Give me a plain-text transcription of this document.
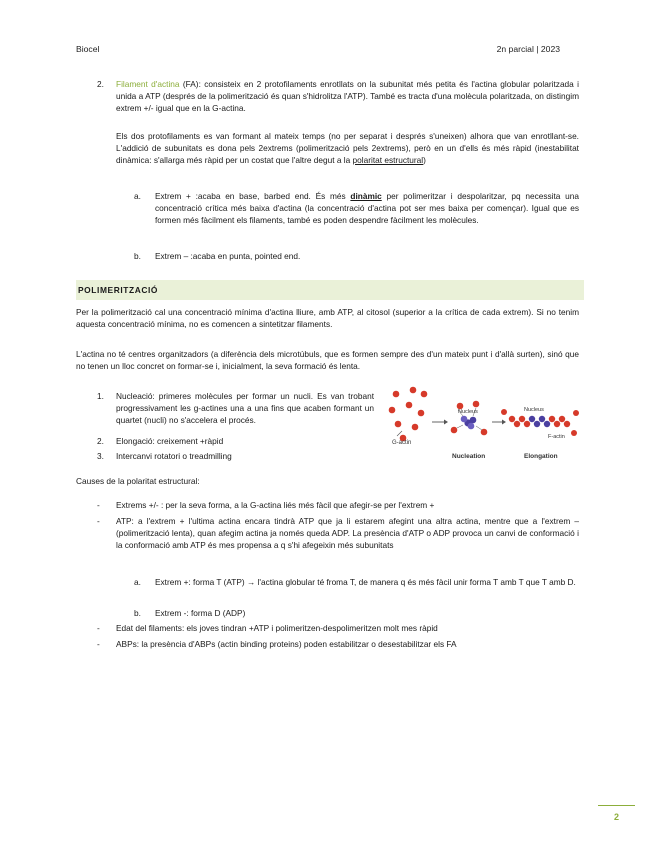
Biocel	2n parcial | 2023
2. Filament d'actina (FA): consisteix en 2 protofilaments enrotllats on la subunitat més petita és l'actina globular polaritzada i unida a ATP (després de la polimerització és quan s'hidrolitza l'ATP). També es tracta d'una molècula polaritzada, on distingim extrem +/- igual que en la G-actina.

Els dos protofilaments es van formant al mateix temps (no per separat i després s'uneixen) alhora que van enrotllant-se. L'addició de subunitats es dona pels 2extrems (polimerització pels 2extrems), però en un d'ells és més ràpid (inestabilitat dinàmica: s'allarga més ràpid per un costat que l'altre degut a la polaritat estructural)

a. Extrem + :acaba en base, barbed end. És més dinàmic per polimeritzar i despolaritzar, pq necessita una concentració crítica més baixa d'actina (la concentració d'actina pot ser mes baixa per començar). Igual que es formen més fàcilment els filaments, també es poden despendre fàcilment les molècules.

b. Extrem – :acaba en punta, pointed end.

POLIMERITZACIÓ

Per la polimerització cal una concentració mínima d'actina lliure, amb ATP, al citosol (superior a la crítica de cada extrem). Si no tenim aquesta concentració mínima, no es comencen a sintetitzar filaments.

L'actina no té centres organitzadors (a diferència dels microtúbuls, que es formen sempre des d'un mateix punt i d'allà surten), sinó que no tenen un lloc concret on formar-se i, inicialment, la seva formació és lenta.

1. Nucleació: primeres molècules per formar un nucli. Es van trobant progressivament les g-actines una a una fins que acaben formant un quartet (nucli) no s'accelera el procés.

2. Elongació: creixement +ràpid

3. Intercanvi rotatori o treadmilling

G-actin
Nucleus	Nucleus
F-actin
Nucleation	Elongation

Causes de la polaritat estructural:

- Extrems +/- : per la seva forma, a la G-actina liés més fàcil que afegir-se per l'extrem +

- ATP: a l'extrem + l'ultima actina encara tindrà ATP que ja li estarem afegint una altra actina, mentre que a l'extrem – (polimerització lenta), quan afegim actina ja només queda ADP. La presència d'ATP o ADP provoca un canvi de conformació i la conformació amb ATP és mes propensa a q s'hi afegeixin més subunitats

a. Extrem +: forma T (ATP) → l'actina globular té froma T, de manera q és més fàcil unir forma T amb T que T amb D.

b. Extrem -: forma D (ADP)

- Edat del filaments: els joves tindran +ATP i polimeritzen-despolimeritzen molt mes ràpid

- ABPs: la presència d'ABPs (actin binding proteins) poden estabilitzar o desestabilitzar els FA

2
